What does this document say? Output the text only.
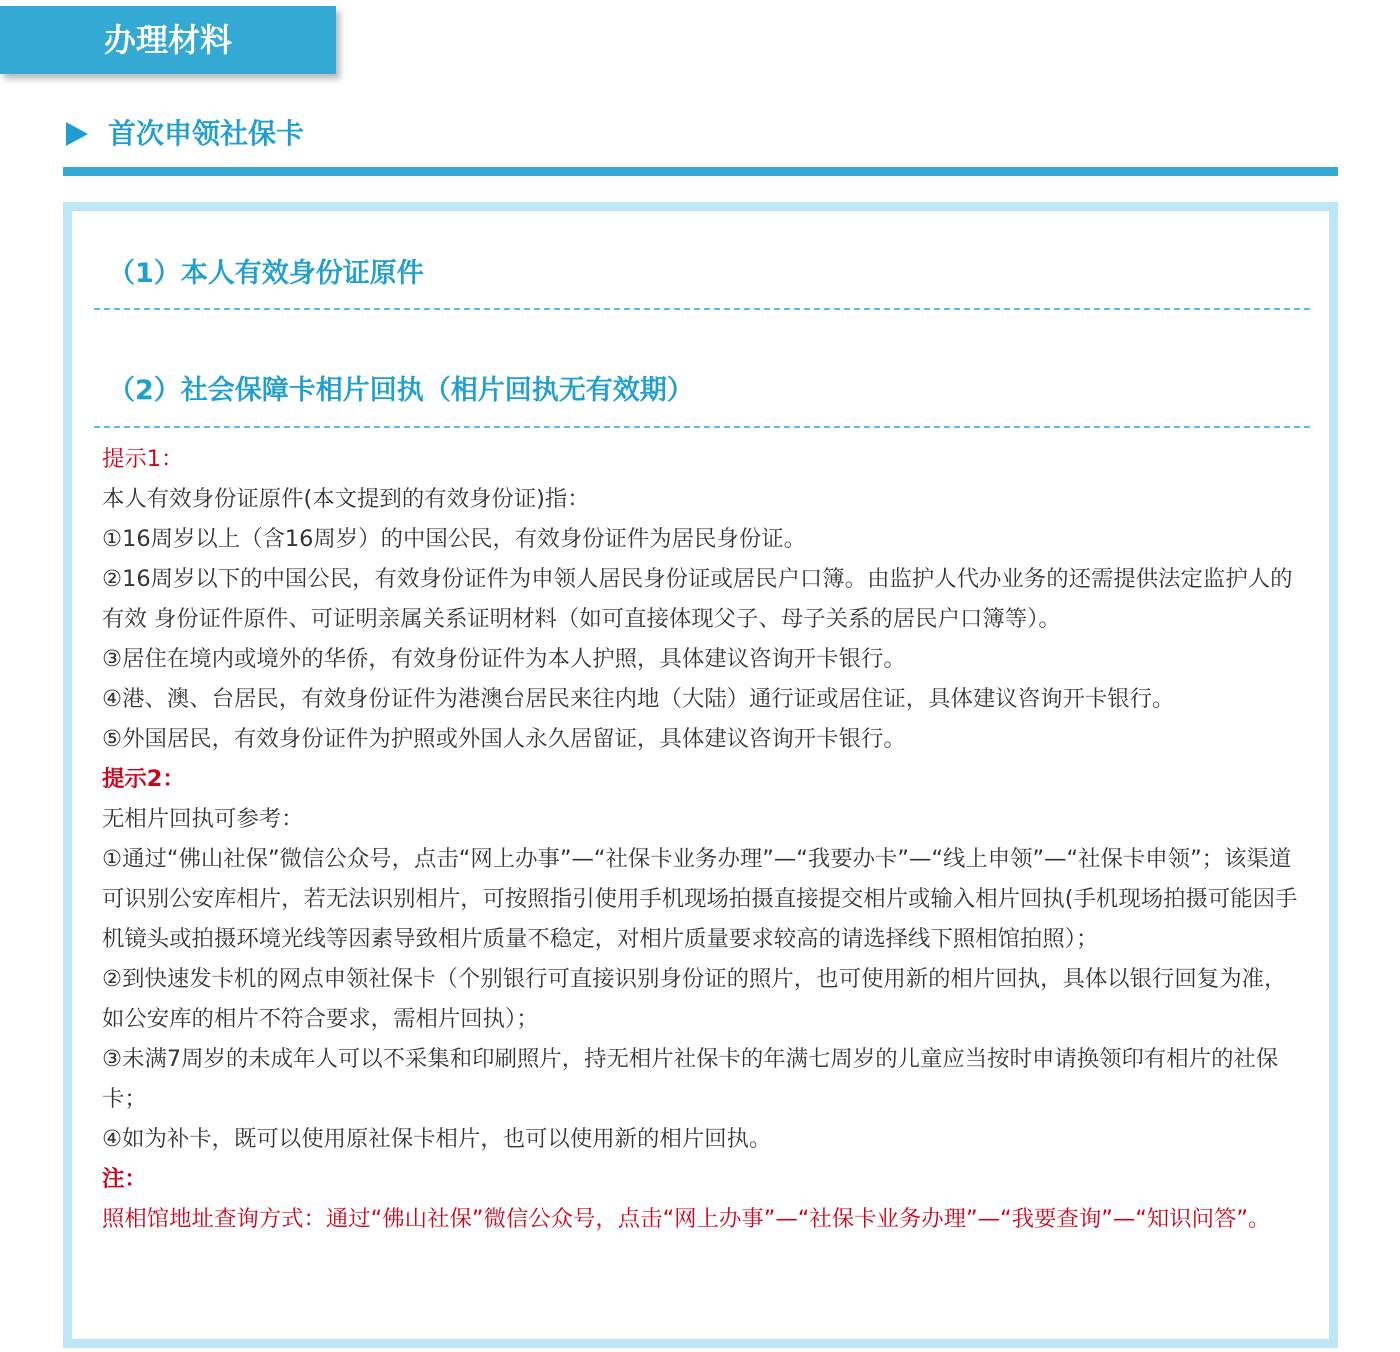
办理材料
首次申领社保卡
（1）本人有效身份证原件
（2）社会保障卡相片回执（相片回执无有效期）

提示1：

本人有效身份证原件(本文提到的有效身份证)指：

①16周岁以上（含16周岁）的中国公民，有效身份证件为居民身份证。

②16周岁以下的中国公民，有效身份证件为申领人居民身份证或居民户口簿。由监护人代办业务的还需提供法定监护人的有效 身份证件原件、可证明亲属关系证明材料（如可直接体现父子、母子关系的居民户口簿等）。

③居住在境内或境外的华侨，有效身份证件为本人护照，具体建议咨询开卡银行。

④港、澳、台居民，有效身份证件为港澳台居民来往内地（大陆）通行证或居住证，具体建议咨询开卡银行。

⑤外国居民，有效身份证件为护照或外国人永久居留证，具体建议咨询开卡银行。

提示2：

无相片回执可参考：

①通过“佛山社保”微信公众号，点击“网上办事”—“社保卡业务办理”—“我要办卡”—“线上申领”—“社保卡申领”；该渠道可识别公安库相片，若无法识别相片，可按照指引使用手机现场拍摄直接提交相片或输入相片回执(手机现场拍摄可能因手机镜头或拍摄环境光线等因素导致相片质量不稳定，对相片质量要求较高的请选择线下照相馆拍照）；

②到快速发卡机的网点申领社保卡（个别银行可直接识别身份证的照片，也可使用新的相片回执，具体以银行回复为准，如公安库的相片不符合要求，需相片回执）；

③未满7周岁的未成年人可以不采集和印刷照片，持无相片社保卡的年满七周岁的儿童应当按时申请换领印有相片的社保卡；

④如为补卡，既可以使用原社保卡相片，也可以使用新的相片回执。

注：

照相馆地址查询方式：通过“佛山社保”微信公众号，点击“网上办事”—“社保卡业务办理”—“我要查询”—“知识问答”。
